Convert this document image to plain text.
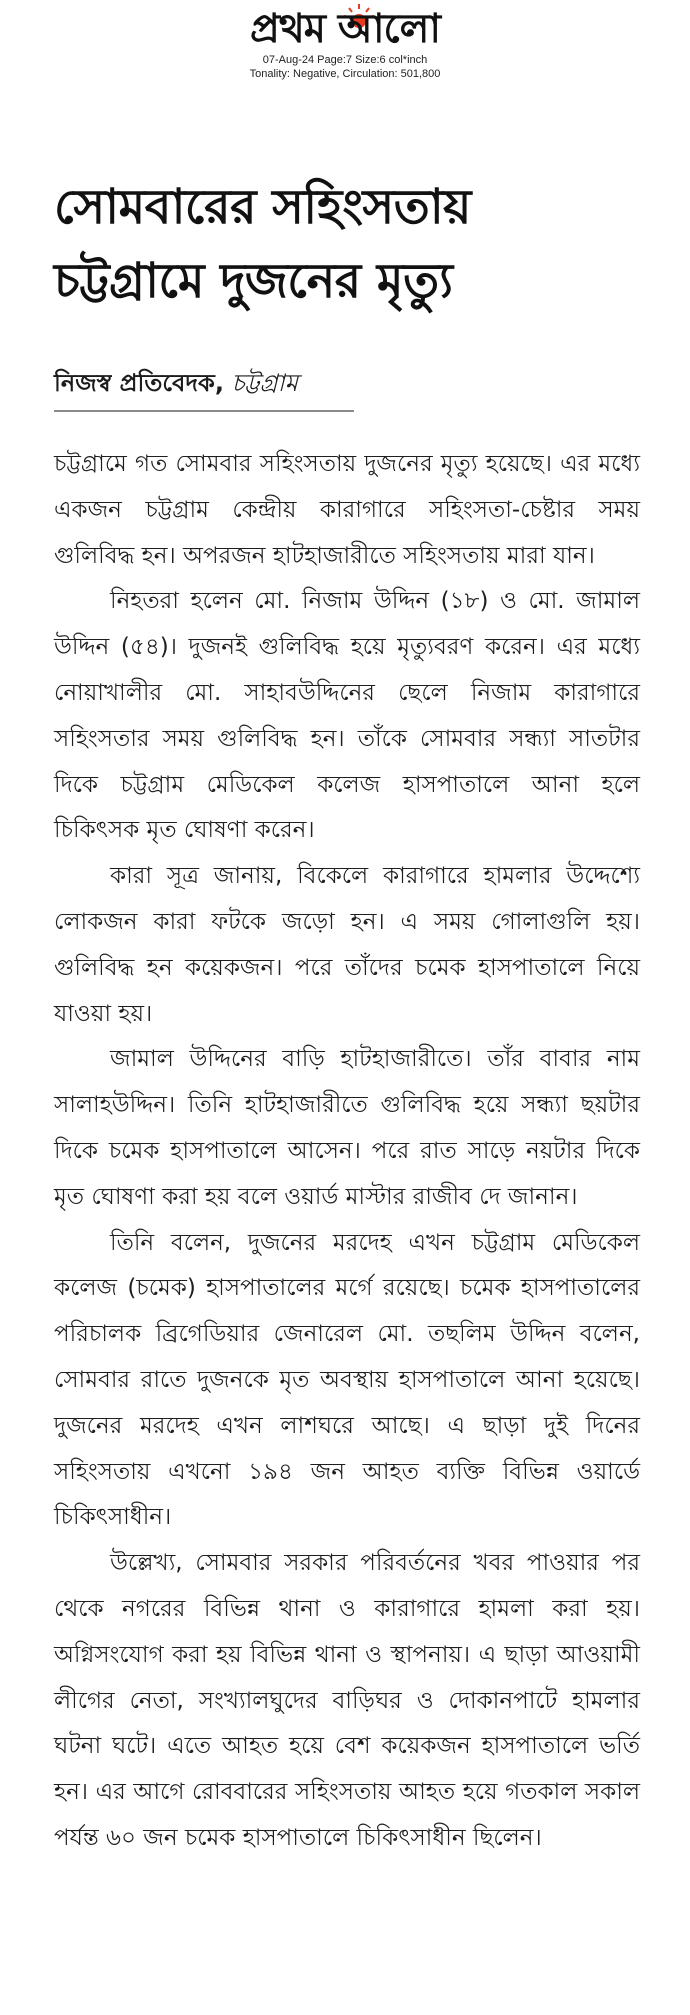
প্রথম আলো
07-Aug-24 Page:7 Size:6 col*inch
Tonality: Negative, Circulation: 501,800
সোমবারের সহিংসতায়
চট্টগ্রামে দুজনের মৃত্যু
নিজস্ব প্রতিবেদক, চট্টগ্রাম

চট্টগ্রামে গত সোমবার সহিংসতায় দুজনের মৃত্যু হয়েছে। এর মধ্যে একজন চট্টগ্রাম কেন্দ্রীয় কারাগারে সহিংসতা-চেষ্টার সময় গুলিবিদ্ধ হন। অপরজন হাটহাজারীতে সহিংসতায় মারা যান।

নিহতরা হলেন মো. নিজাম উদ্দিন (১৮) ও মো. জামাল উদ্দিন (৫৪)। দুজনই গুলিবিদ্ধ হয়ে মৃত্যুবরণ করেন। এর মধ্যে নোয়াখালীর মো. সাহাবউদ্দিনের ছেলে নিজাম কারাগারে সহিংসতার সময় গুলিবিদ্ধ হন। তাঁকে সোমবার সন্ধ্যা সাতটার দিকে চট্টগ্রাম মেডিকেল কলেজ হাসপাতালে আনা হলে চিকিৎসক মৃত ঘোষণা করেন।

কারা সূত্র জানায়, বিকেলে কারাগারে হামলার উদ্দেশ্যে লোকজন কারা ফটকে জড়ো হন। এ সময় গোলাগুলি হয়। গুলিবিদ্ধ হন কয়েকজন। পরে তাঁদের চমেক হাসপাতালে নিয়ে যাওয়া হয়।

জামাল উদ্দিনের বাড়ি হাটহাজারীতে। তাঁর বাবার নাম সালাহউদ্দিন। তিনি হাটহাজারীতে গুলিবিদ্ধ হয়ে সন্ধ্যা ছয়টার দিকে চমেক হাসপাতালে আসেন। পরে রাত সাড়ে নয়টার দিকে মৃত ঘোষণা করা হয় বলে ওয়ার্ড মাস্টার রাজীব দে জানান।

তিনি বলেন, দুজনের মরদেহ এখন চট্টগ্রাম মেডিকেল কলেজ (চমেক) হাসপাতালের মর্গে রয়েছে। চমেক হাসপাতালের পরিচালক ব্রিগেডিয়ার জেনারেল মো. তছলিম উদ্দিন বলেন, সোমবার রাতে দুজনকে মৃত অবস্থায় হাসপাতালে আনা হয়েছে। দুজনের মরদেহ এখন লাশঘরে আছে। এ ছাড়া দুই দিনের সহিংসতায় এখনো ১৯৪ জন আহত ব্যক্তি বিভিন্ন ওয়ার্ডে চিকিৎসাধীন।

উল্লেখ্য, সোমবার সরকার পরিবর্তনের খবর পাওয়ার পর থেকে নগরের বিভিন্ন থানা ও কারাগারে হামলা করা হয়। অগ্নিসংযোগ করা হয় বিভিন্ন থানা ও স্থাপনায়। এ ছাড়া আওয়ামী লীগের নেতা, সংখ্যালঘুদের বাড়িঘর ও দোকানপাটে হামলার ঘটনা ঘটে। এতে আহত হয়ে বেশ কয়েকজন হাসপাতালে ভর্তি হন। এর আগে রোববারের সহিংসতায় আহত হয়ে গতকাল সকাল পর্যন্ত ৬০ জন চমেক হাসপাতালে চিকিৎসাধীন ছিলেন।
